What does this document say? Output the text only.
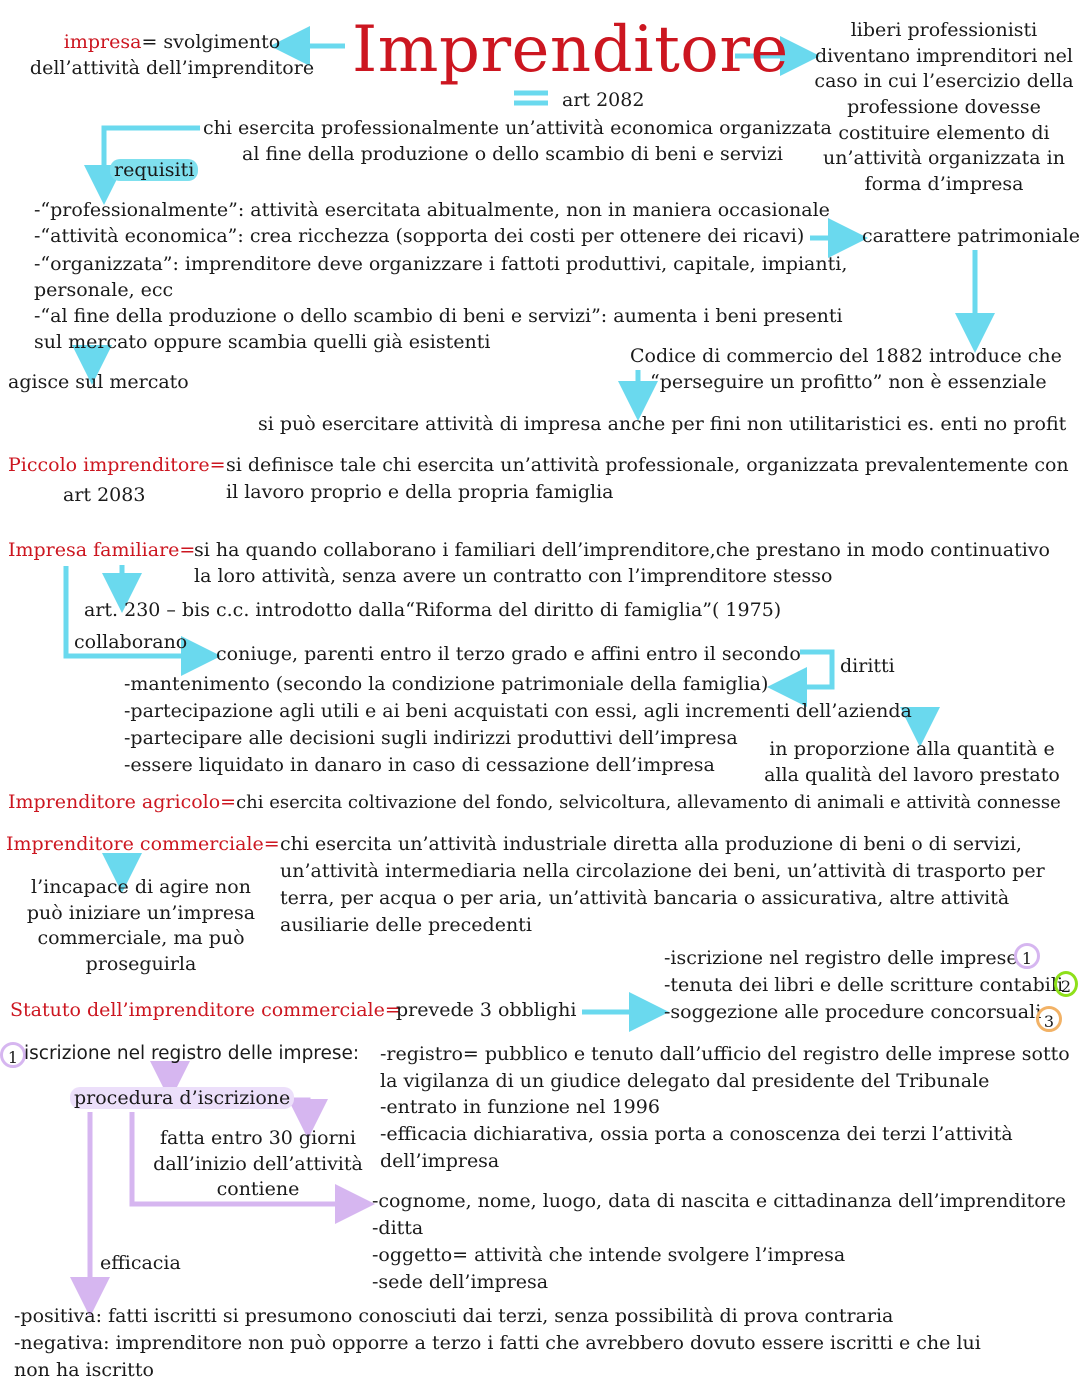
impresa= svolgimento
dell’attività dell’imprenditore Imprenditore	liberi professionisti
diventano imprenditori nel
caso in cui l’esercizio della
professione dovesse
costituire elemento di
un’attività organizzata in
forma d’impresa
art 2082
chi esercita professionalmente un’attività economica organizzata
al fine della produzione o dello scambio di beni e servizi
requisiti
-“professionalmente”: attività esercitata abitualmente, non in maniera occasionale
-“attività economica”: crea ricchezza (sopporta dei costi per ottenere dei ricavi)	carattere patrimoniale
-“organizzata”: imprenditore deve organizzare i fattoti produttivi, capitale, impianti,
personale, ecc
-“al fine della produzione o dello scambio di beni e servizi”: aumenta i beni presenti
sul mercato oppure scambia quelli già esistenti
Codice di commercio del 1882 introduce che
“perseguire un profitto” non è essenziale
agisce sul mercato
si può esercitare attività di impresa anche per fini non utilitaristici es. enti no profit
Piccolo imprenditore=
art 2083
si definisce tale chi esercita un’attività professionale, organizzata prevalentemente con
il lavoro proprio e della propria famiglia
Impresa familiare=
si ha quando collaborano i familiari dell’imprenditore,che prestano in modo continuativo
la loro attività, senza avere un contratto con l’imprenditore stesso
art. 230 – bis c.c. introdotto dalla“Riforma del diritto di famiglia”( 1975)
collaborano
coniuge, parenti entro il terzo grado e affini entro il secondo
diritti
-mantenimento (secondo la condizione patrimoniale della famiglia)
-partecipazione agli utili e ai beni acquistati con essi, agli incrementi dell’azienda
-partecipare alle decisioni sugli indirizzi produttivi dell’impresa
-essere liquidato in danaro in caso di cessazione dell’impresa
in proporzione alla quantità e
alla qualità del lavoro prestato
Imprenditore agricolo=chi esercita coltivazione del fondo, selvicoltura, allevamento di animali e attività connesse
Imprenditore commerciale= chi esercita un’attività industriale diretta alla produzione di beni o di servizi,
un’attività intermediaria nella circolazione dei beni, un’attività di trasporto per
terra, per acqua o per aria, un’attività bancaria o assicurativa, altre attività
ausiliarie delle precedenti
l’incapace di agire non
può iniziare un’impresa
commerciale, ma può
proseguirla	-iscrizione nel registro delle imprese 1
-tenuta dei libri e delle scritture contabili
2
Statuto dell’imprenditore commerciale=
prevede 3 obblighi	-soggezione alle procedure concorsuali 3
1 iscrizione nel registro delle imprese: -registro= pubblico e tenuto dall’ufficio del registro delle imprese sotto
la vigilanza di un giudice delegato dal presidente del Tribunale
-entrato in funzione nel 1996
-efficacia dichiarativa, ossia porta a conoscenza dei terzi l’attività
dell’impresa
procedura d’iscrizione
fatta entro 30 giorni
dall’inizio dell’attività
contiene
-cognome, nome, luogo, data di nascita e cittadinanza dell’imprenditore
-ditta
-oggetto= attività che intende svolgere l’impresa
-sede dell’impresa
efficacia
-positiva: fatti iscritti si presumono conosciuti dai terzi, senza possibilità di prova contraria
-negativa: imprenditore non può opporre a terzo i fatti che avrebbero dovuto essere iscritti e che lui
non ha iscritto
